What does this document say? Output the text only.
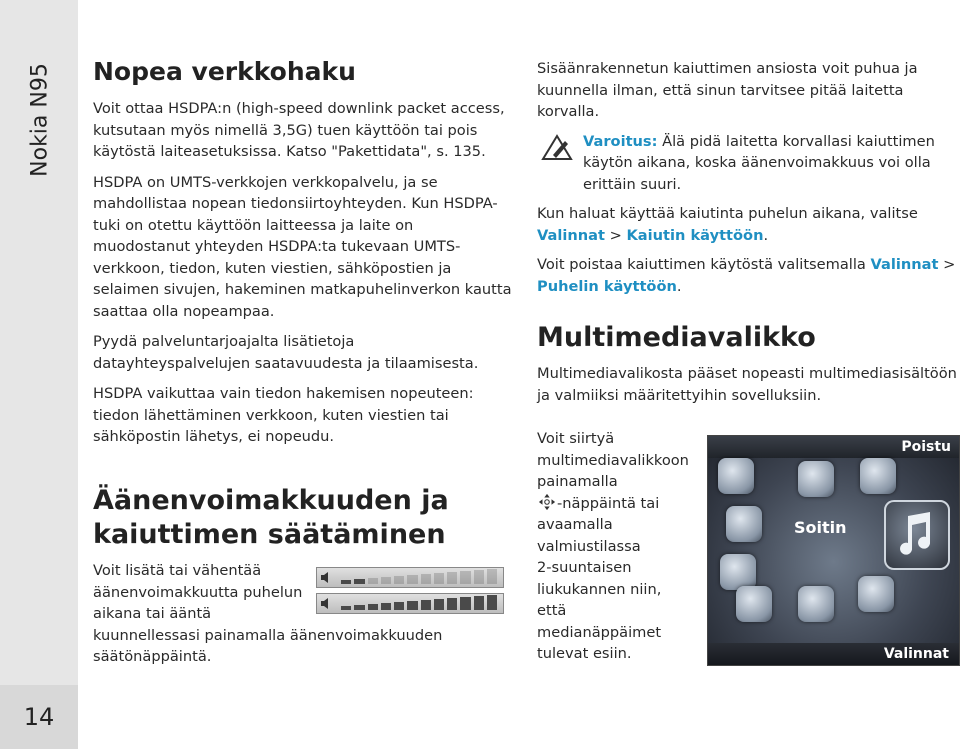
Nokia N95
14
Nopea verkkohaku

Voit ottaa HSDPA:n (high-speed downlink packet access, kutsutaan myös nimellä 3,5G) tuen käyttöön tai pois käytöstä laiteasetuksissa. Katso "Pakettidata", s. 135.

HSDPA on UMTS-verkkojen verkkopalvelu, ja se mahdollistaa nopean tiedonsiirtoyhteyden. Kun HSDPA-tuki on otettu käyttöön laitteessa ja laite on muodostanut yhteyden HSDPA:ta tukevaan UMTS-verkkoon, tiedon, kuten viestien, sähköpostien ja selaimen sivujen, hakeminen matkapuhelinverkon kautta saattaa olla nopeampaa.

Pyydä palveluntarjoajalta lisätietoja datayhteyspalvelujen saatavuudesta ja tilaamisesta.

HSDPA vaikuttaa vain tiedon hakemisen nopeuteen: tiedon lähettäminen verkkoon, kuten viestien tai sähköpostin lähetys, ei nopeudu.

Äänenvoimakkuuden ja
kaiuttimen säätäminen

Voit lisätä tai vähentää

äänenvoimakkuutta puhelun

aikana tai ääntä

kuunnellessasi painamalla äänenvoimakkuuden

säätönäppäintä.

Sisäänrakennetun kaiuttimen ansiosta voit puhua ja kuunnella ilman, että sinun tarvitsee pitää laitetta korvalla.

Varoitus: Älä pidä laitetta korvallasi kaiuttimen käytön aikana, koska äänenvoimakkuus voi olla erittäin suuri.

Kun haluat käyttää kaiutinta puhelun aikana, valitse Valinnat > Kaiutin käyttöön.

Voit poistaa kaiuttimen käytöstä valitsemalla Valinnat > Puhelin käyttöön.

Multimediavalikko

Multimediavalikosta pääset nopeasti multimediasisältöön ja valmiiksi määritettyihin sovelluksiin.

Voit siirtyä

multimediavalikkoon

painamalla

-näppäintä tai

avaamalla

valmiustilassa

2-suuntaisen

liukukannen niin,

että

medianäppäimet

tulevat esiin.

Poistu
Soitin
Valinnat
